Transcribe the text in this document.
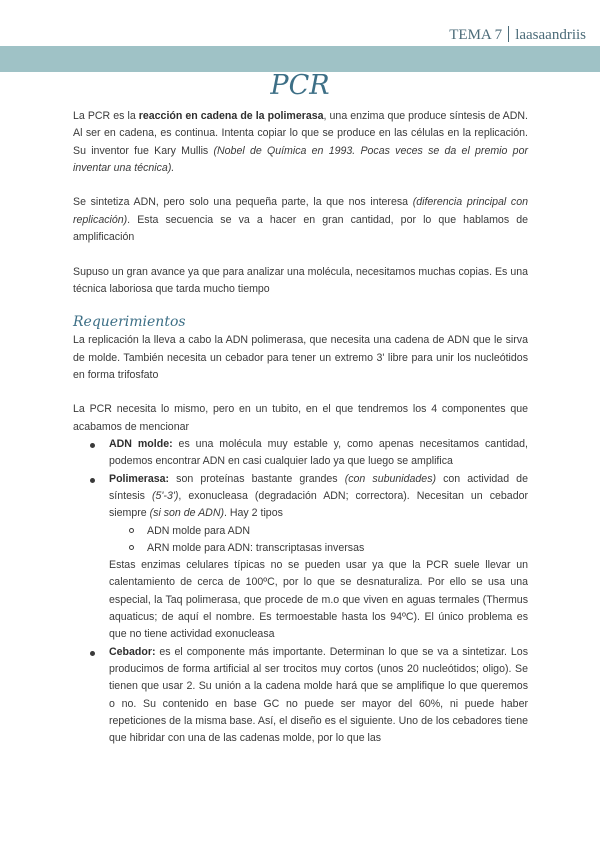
TEMA 7 laasaandriis
PCR

La PCR es la reacción en cadena de la polimerasa, una enzima que produce síntesis de ADN. Al ser en cadena, es continua. Intenta copiar lo que se produce en las células en la replicación. Su inventor fue Kary Mullis (Nobel de Química en 1993. Pocas veces se da el premio por inventar una técnica).

Se sintetiza ADN, pero solo una pequeña parte, la que nos interesa (diferencia principal con replicación). Esta secuencia se va a hacer en gran cantidad, por lo que hablamos de amplificación

Supuso un gran avance ya que para analizar una molécula, necesitamos muchas copias. Es una técnica laboriosa que tarda mucho tiempo

Requerimientos

La replicación la lleva a cabo la ADN polimerasa, que necesita una cadena de ADN que le sirva de molde. También necesita un cebador para tener un extremo 3' libre para unir los nucleótidos en forma trifosfato

La PCR necesita lo mismo, pero en un tubito, en el que tendremos los 4 componentes que acabamos de mencionar

ADN molde: es una molécula muy estable y, como apenas necesitamos cantidad, podemos encontrar ADN en casi cualquier lado ya que luego se amplifica
Polimerasa: son proteínas bastante grandes (con subunidades) con actividad de síntesis (5'-3'), exonucleasa (degradación ADN; correctora). Necesitan un cebador siempre (si son de ADN). Hay 2 tipos
ADN molde para ADN
ARN molde para ADN: transcriptasas inversas

Estas enzimas celulares típicas no se pueden usar ya que la PCR suele llevar un calentamiento de cerca de 100ºC, por lo que se desnaturaliza. Por ello se usa una especial, la Taq polimerasa, que procede de m.o que viven en aguas termales (Thermus aquaticus; de aquí el nombre. Es termoestable hasta los 94ºC). El único problema es que no tiene actividad exonucleasa

Cebador: es el componente más importante. Determinan lo que se va a sintetizar. Los producimos de forma artificial al ser trocitos muy cortos (unos 20 nucleótidos; oligo). Se tienen que usar 2. Su unión a la cadena molde hará que se amplifique lo que queremos o no. Su contenido en base GC no puede ser mayor del 60%, ni puede haber repeticiones de la misma base. Así, el diseño es el siguiente. Uno de los cebadores tiene que hibridar con una de las cadenas molde, por lo que las
